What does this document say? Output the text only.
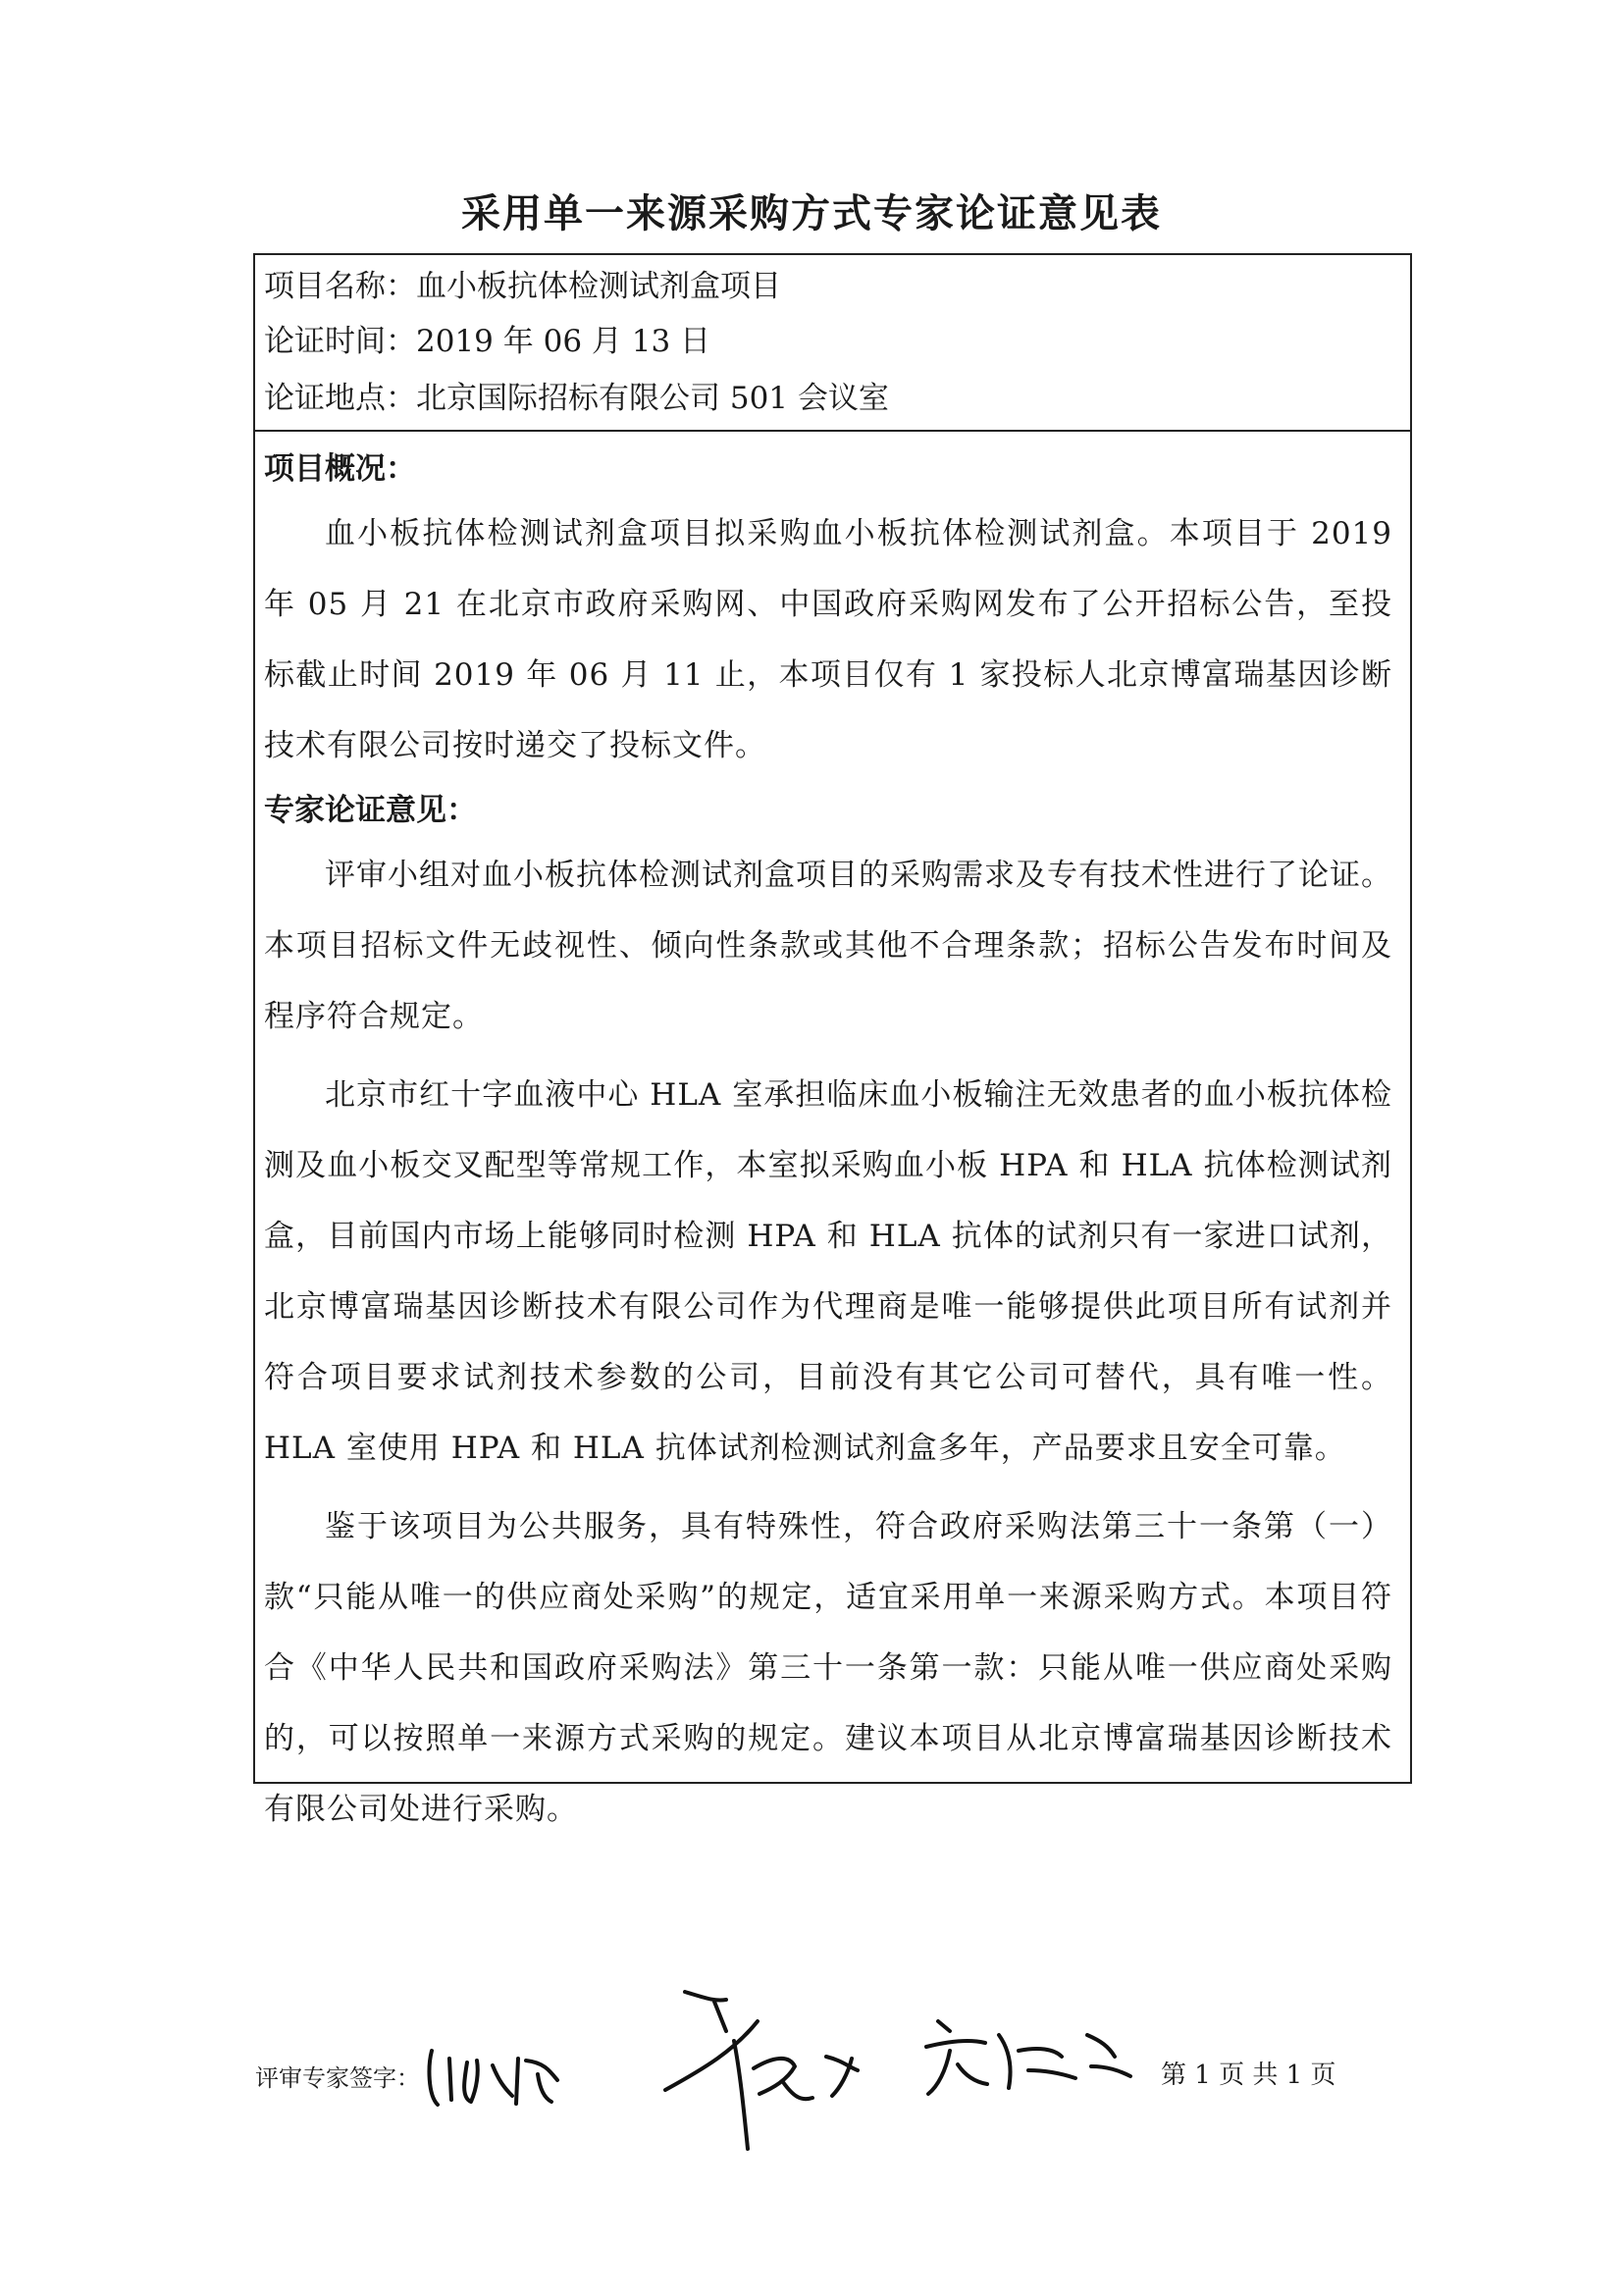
采用单一来源采购方式专家论证意见表
项目名称：血小板抗体检测试剂盒项目
论证时间：2019 年 06 月 13 日
论证地点：北京国际招标有限公司 501 会议室
项目概况：

血小板抗体检测试剂盒项目拟采购血小板抗体检测试剂盒。本项目于 2019 年 05 月 21 在北京市政府采购网、中国政府采购网发布了公开招标公告，至投标截止时间 2019 年 06 月 11 止，本项目仅有 1 家投标人北京博富瑞基因诊断技术有限公司按时递交了投标文件。

专家论证意见：

评审小组对血小板抗体检测试剂盒项目的采购需求及专有技术性进行了论证。本项目招标文件无歧视性、倾向性条款或其他不合理条款；招标公告发布时间及程序符合规定。

北京市红十字血液中心 HLA 室承担临床血小板输注无效患者的血小板抗体检测及血小板交叉配型等常规工作，本室拟采购血小板 HPA 和 HLA 抗体检测试剂盒，目前国内市场上能够同时检测 HPA 和 HLA 抗体的试剂只有一家进口试剂，北京博富瑞基因诊断技术有限公司作为代理商是唯一能够提供此项目所有试剂并符合项目要求试剂技术参数的公司，目前没有其它公司可替代，具有唯一性。HLA 室使用 HPA 和 HLA 抗体试剂检测试剂盒多年，产品要求且安全可靠。

鉴于该项目为公共服务，具有特殊性，符合政府采购法第三十一条第（一）款“只能从唯一的供应商处采购”的规定，适宜采用单一来源采购方式。本项目符合《中华人民共和国政府采购法》第三十一条第一款：只能从唯一供应商处采购的，可以按照单一来源方式采购的规定。建议本项目从北京博富瑞基因诊断技术有限公司处进行采购。

评审专家签字：	第 1 页 共 1 页
